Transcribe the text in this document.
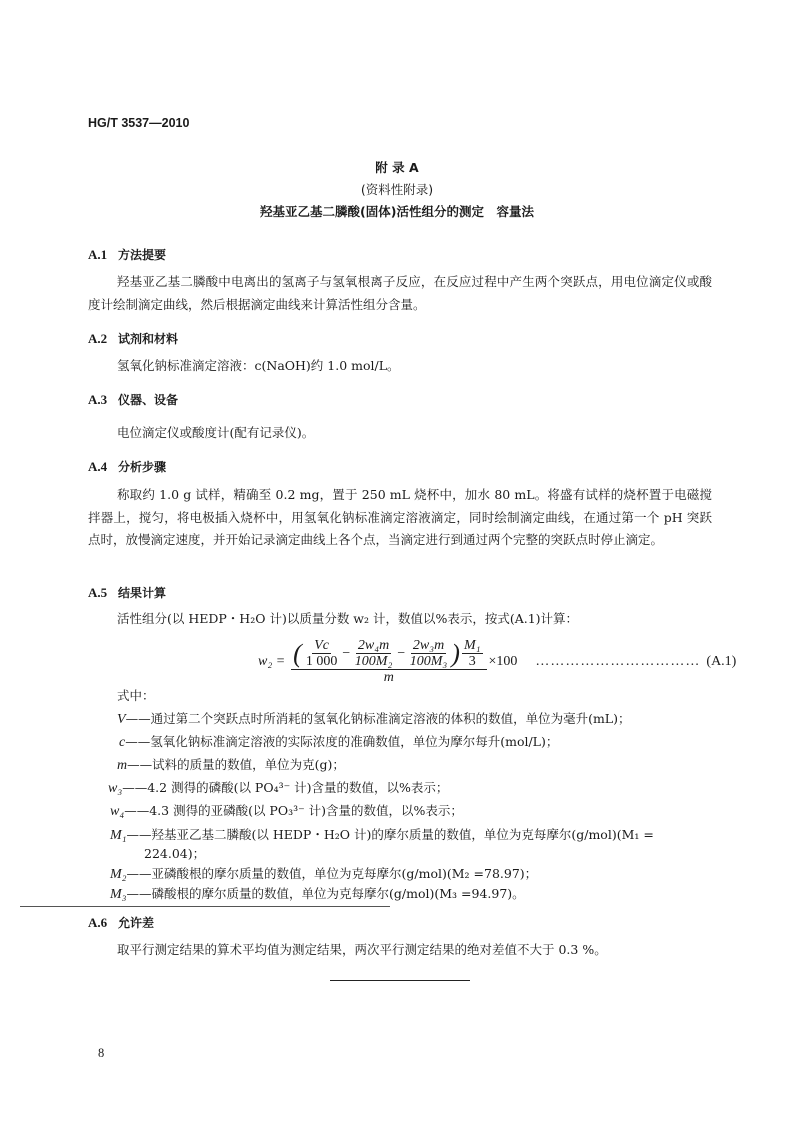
HG/T 3537—2010
附 录 A
(资料性附录)
羟基亚乙基二膦酸(固体)活性组分的测定　容量法
A.1 方法提要
羟基亚乙基二膦酸中电离出的氢离子与氢氧根离子反应，在反应过程中产生两个突跃点，用电位滴定仪或酸度计绘制滴定曲线，然后根据滴定曲线来计算活性组分含量。
A.2 试剂和材料
氢氧化钠标准滴定溶液：c(NaOH)约 1.0 mol/L。
A.3 仪器、设备
电位滴定仪或酸度计(配有记录仪)。
A.4 分析步骤
称取约 1.0 g 试样，精确至 0.2 mg，置于 250 mL 烧杯中，加水 80 mL。将盛有试样的烧杯置于电磁搅拌器上，搅匀，将电极插入烧杯中，用氢氧化钠标准滴定溶液滴定，同时绘制滴定曲线，在通过第一个 pH 突跃点时，放慢滴定速度，并开始记录滴定曲线上各个点，当滴定进行到通过两个完整的突跃点时停止滴定。
A.5 结果计算
活性组分(以 HEDP・H₂O 计)以质量分数 w₂ 计，数值以%表示，按式(A.1)计算：
w₂ = ( $\frac{Vc}{1 000} - \frac{\text{2w₄m}}{\text{100M₂}} - \frac{\text{2w₃m}}{\text{100M₃}}$ ) $\frac{\text{M₁}}{3}$
m
×100 …………………………… (A.1)
式中：
V——通过第二个突跃点时所消耗的氢氧化钠标准滴定溶液的体积的数值，单位为毫升(mL)；
c——氢氧化钠标准滴定溶液的实际浓度的准确数值，单位为摩尔每升(mol/L)；
m——试料的质量的数值，单位为克(g)；
w₃——4.2 测得的磷酸(以 PO₄³⁻ 计)含量的数值，以%表示；
w₄——4.3 测得的亚磷酸(以 PO₃³⁻ 计)含量的数值，以%表示；
M₁——羟基亚乙基二膦酸(以 HEDP・H₂O 计)的摩尔质量的数值，单位为克每摩尔(g/mol)(M₁ =
224.04)；
M₂——亚磷酸根的摩尔质量的数值，单位为克每摩尔(g/mol)(M₂ =78.97)；
M₃——磷酸根的摩尔质量的数值，单位为克每摩尔(g/mol)(M₃ =94.97)。
A.6 允许差
取平行测定结果的算术平均值为测定结果，两次平行测定结果的绝对差值不大于 0.3 %。
8
